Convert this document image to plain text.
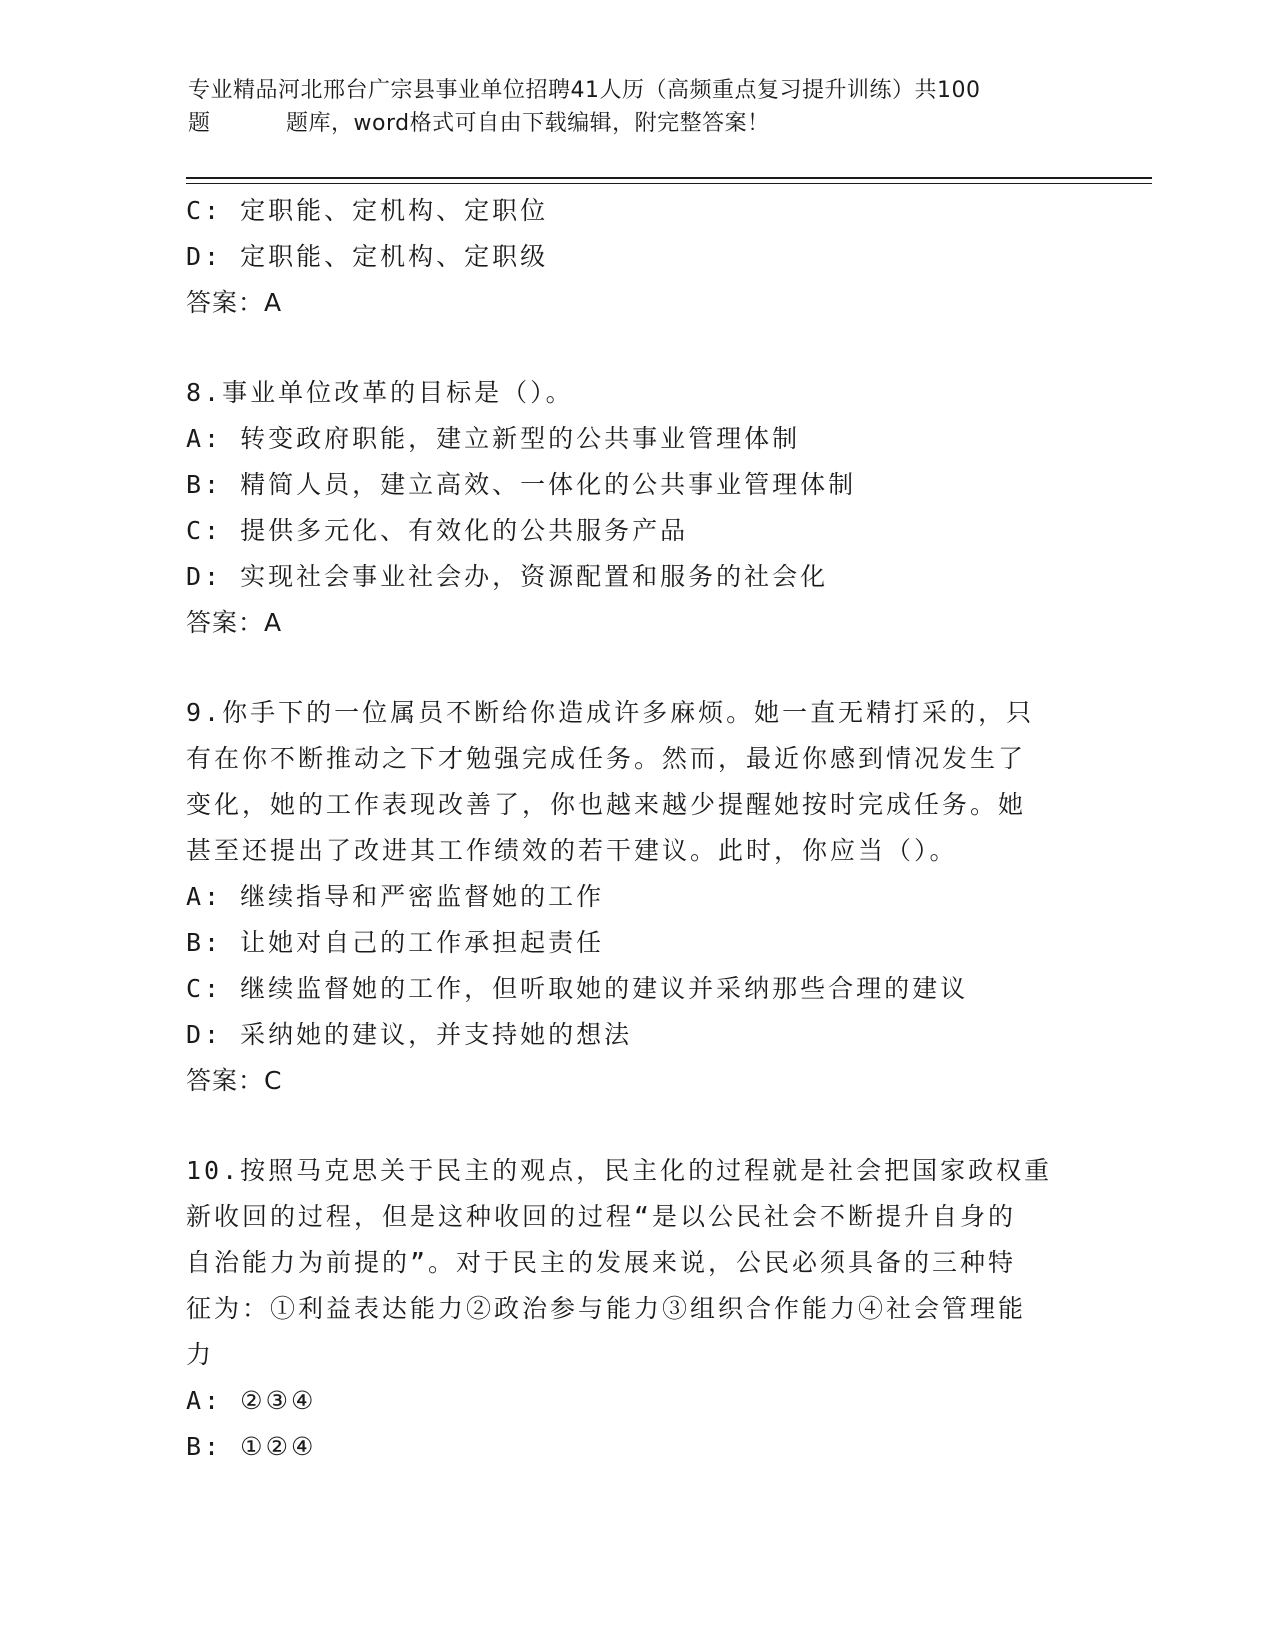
专业精品河北邢台广宗县事业单位招聘41人历（高频重点复习提升训练）共100
题	题库，word格式可自由下载编辑，附完整答案！
C: 定职能、定机构、定职位
D: 定职能、定机构、定职级
答案：A
8.事业单位改革的目标是（）。
A: 转变政府职能，建立新型的公共事业管理体制
B: 精简人员，建立高效、一体化的公共事业管理体制
C: 提供多元化、有效化的公共服务产品
D: 实现社会事业社会办，资源配置和服务的社会化
答案：A
9.你手下的一位属员不断给你造成许多麻烦。她一直无精打采的，只
有在你不断推动之下才勉强完成任务。然而，最近你感到情况发生了
变化，她的工作表现改善了，你也越来越少提醒她按时完成任务。她
甚至还提出了改进其工作绩效的若干建议。此时，你应当（）。
A: 继续指导和严密监督她的工作
B: 让她对自己的工作承担起责任
C: 继续监督她的工作，但听取她的建议并采纳那些合理的建议
D: 采纳她的建议，并支持她的想法
答案：C
10.按照马克思关于民主的观点，民主化的过程就是社会把国家政权重
新收回的过程，但是这种收回的过程“是以公民社会不断提升自身的
自治能力为前提的”。对于民主的发展来说，公民必须具备的三种特
征为：①利益表达能力②政治参与能力③组织合作能力④社会管理能
力
A: ②③④
B: ①②④
